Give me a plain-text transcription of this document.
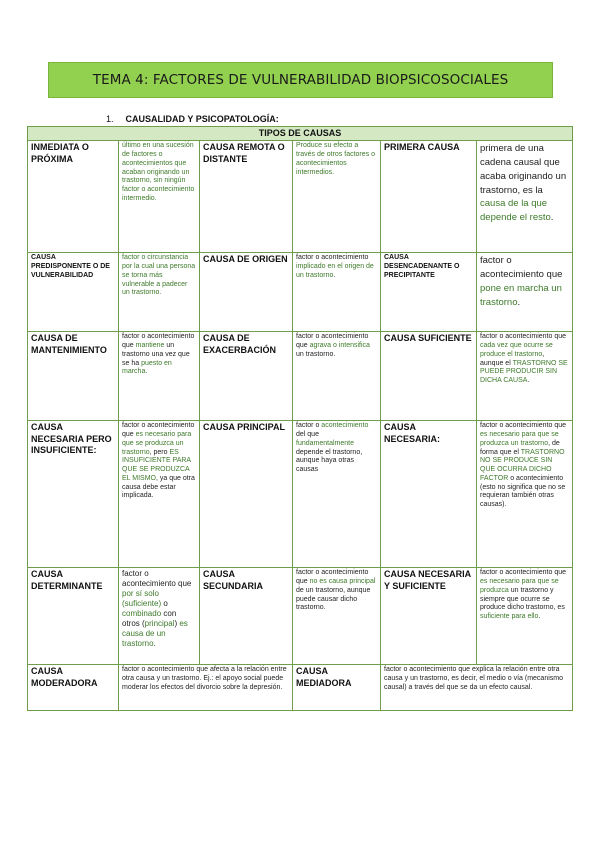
TEMA 4: FACTORES DE VULNERABILIDAD BIOPSICOSOCIALES
1. CAUSALIDAD Y PSICOPATOLOGÍA:
TIPOS DE CAUSAS					
INMEDIATA O PRÓXIMA	último en una sucesión de factores o acontecimientos que acaban originando un trastorno, sin ningún factor o acontecimiento intermedio.	CAUSA REMOTA O DISTANTE	Produce su efecto a través de otros factores o acontecimientos intermedios.	PRIMERA CAUSA	primera de una cadena causal que acaba originando un trastorno, es la causa de la que depende el resto.
CAUSA PREDISPONENTE O DE VULNERABILIDAD	factor o circunstancia por la cual una persona se torna más vulnerable a padecer un trastorno.	CAUSA DE ORIGEN	factor o acontecimiento implicado en el origen de un trastorno.	CAUSA DESENCADENANTE O PRECIPITANTE	factor o acontecimiento que pone en marcha un trastorno.
CAUSA DE MANTENIMIENTO	factor o acontecimiento que mantiene un trastorno una vez que se ha puesto en marcha.	CAUSA DE EXACERBACIÓN	factor o acontecimiento que agrava o intensifica un trastorno.	CAUSA SUFICIENTE	factor o acontecimiento que cada vez que ocurre se produce el trastorno, aunque el TRASTORNO SE PUEDE PRODUCIR SIN DICHA CAUSA.
CAUSA NECESARIA PERO INSUFICIENTE:	factor o acontecimiento que es necesario para que se produzca un trastorno, pero ES INSUFICIENTE PARA QUE SE PRODUZCA EL MISMO, ya que otra causa debe estar implicada.	CAUSA PRINCIPAL	factor o acontecimiento del que fundamentalmente depende el trastorno, aunque haya otras causas	CAUSA NECESARIA:	factor o acontecimiento que es necesario para que se produzca un trastorno, de forma que el TRASTORNO NO SE PRODUCE SIN QUE OCURRA DICHO FACTOR o acontecimiento (esto no significa que no se requieran también otras causas).
CAUSA DETERMINANTE	factor o acontecimiento que por sí solo (suficiente) o combinado con otros (principal) es causa de un trastorno.	CAUSA SECUNDARIA	factor o acontecimiento que no es causa principal de un trastorno, aunque puede causar dicho trastorno.	CAUSA NECESARIA Y SUFICIENTE	factor o acontecimiento que es necesario para que se produzca un trastorno y siempre que ocurre se produce dicho trastorno, es suficiente para ello.
CAUSA MODERADORA	factor o acontecimiento que afecta a la relación entre otra causa y un trastorno. Ej.: el apoyo social puede moderar los efectos del divorcio sobre la depresión.		CAUSA MEDIADORA	factor o acontecimiento que explica la relación entre otra causa y un trastorno, es decir, el medio o vía (mecanismo causal) a través del que se da un efecto causal.	
